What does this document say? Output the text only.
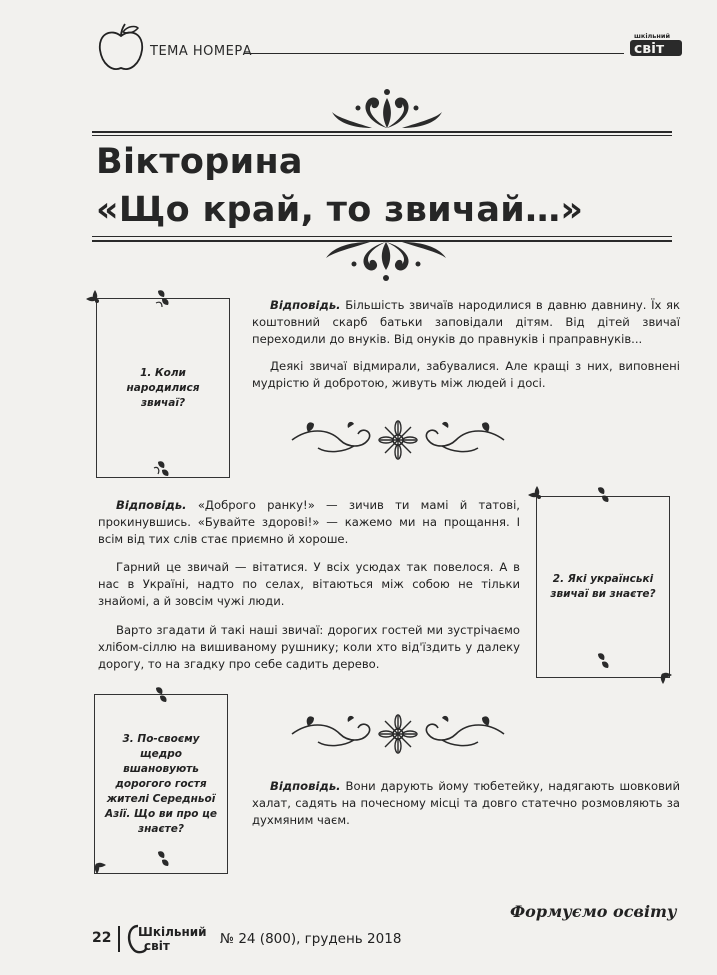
ТЕМА НОМЕРА
шкільний
світ
Вікторина
«Що край, то звичай…»
1. Коли народилися звичаї?
Відповідь. Більшість звичаїв народилися в давню давнину. Їх як коштовний скарб батьки заповідали дітям. Від дітей звичаї переходили до внуків. Від онуків до правнуків і праправнуків...
Деякі звичаї відмирали, забувалися. Але кращі з них, виповнені мудрістю й добротою, живуть між людей і досі.
Відповідь. «Доброго ранку!» — зичив ти мамі й татові, прокинувшись. «Бувайте здорові!» — кажемо ми на прощання. І всім від тих слів стає приємно й хороше.
Гарний це звичай — вітатися. У всіх усюдах так повелося. А в нас в Україні, надто по селах, вітаються між собою не тільки знайомі, а й зовсім чужі люди.
Варто згадати й такі наші звичаї: дорогих гостей ми зустрічаємо хлібом-сіллю на вишиваному рушнику; коли хто від'їздить у далеку дорогу, то на згадку про себе садить дерево.
2. Які українські звичаї ви знаєте?
3. По-своєму щедро вшановують дорогого гостя жителі Середньої Азії. Що ви про це знаєте?
Відповідь. Вони дарують йому тюбетейку, надягають шовковий халат, садять на почесному місці та довго статечно розмовляють за духмяним чаєм.
Формуємо освіту
22 Шкільний світ	№ 24 (800), грудень 2018
